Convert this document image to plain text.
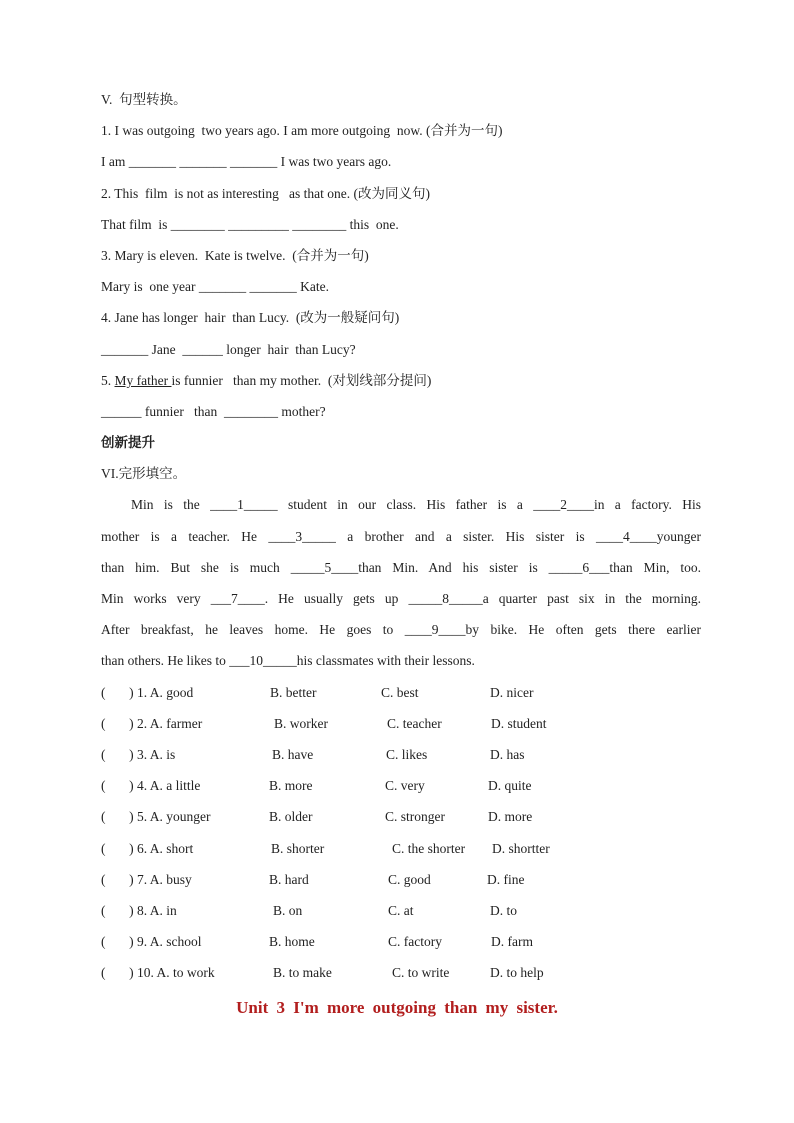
V.  句型转换。
1. I was outgoing  two years ago. I am more outgoing  now. (合并为一句)
I am _______ _______ _______ I was two years ago.
2. This  film  is not as interesting   as that one. (改为同义句)
That film  is ________ _________ ________ this  one.
3. Mary is eleven.  Kate is twelve.  (合并为一句)
Mary is  one year _______ _______ Kate.
4. Jane has longer  hair  than Lucy.  (改为一般疑问句)
_______ Jane  ______ longer  hair  than Lucy?
5. My father is funnier   than my mother.  (对划线部分提问)
______ funnier   than  ________ mother?
创新提升
VI.完形填空。
Min is the ____1_____ student in our class. His father is a ____2____in a factory. His
mother is a teacher. He ____3_____ a brother and a sister. His sister is ____4____younger
than him. But she is much _____5____than Min. And his sister is _____6___than Min, too.
Min works very ___7____. He usually gets up _____8_____a quarter past six in the morning.
After breakfast, he leaves home. He goes to ____9____by bike. He often gets there earlier
than others. He likes to ___10_____his classmates with their lessons.
(       ) 1. A. good	B. better	C. best	D. nicer
(       ) 2. A. farmer	B. worker	C. teacher	D. student
(       ) 3. A. is	B. have	C. likes	D. has
(       ) 4. A. a little	B. more	C. very	D. quite
(       ) 5. A. younger	B. older	C. stronger	D. more
(       ) 6. A. short	B. shorter	C. the shorter D. shortter
(       ) 7. A. busy	B. hard	C. good	D. fine
(       ) 8. A. in	B. on	C. at	D. to
(       ) 9. A. school	B. home	C. factory	D. farm
(       ) 10. A. to work	B. to make	C. to write	D. to help
Unit 3 I'm more outgoing than my sister.
